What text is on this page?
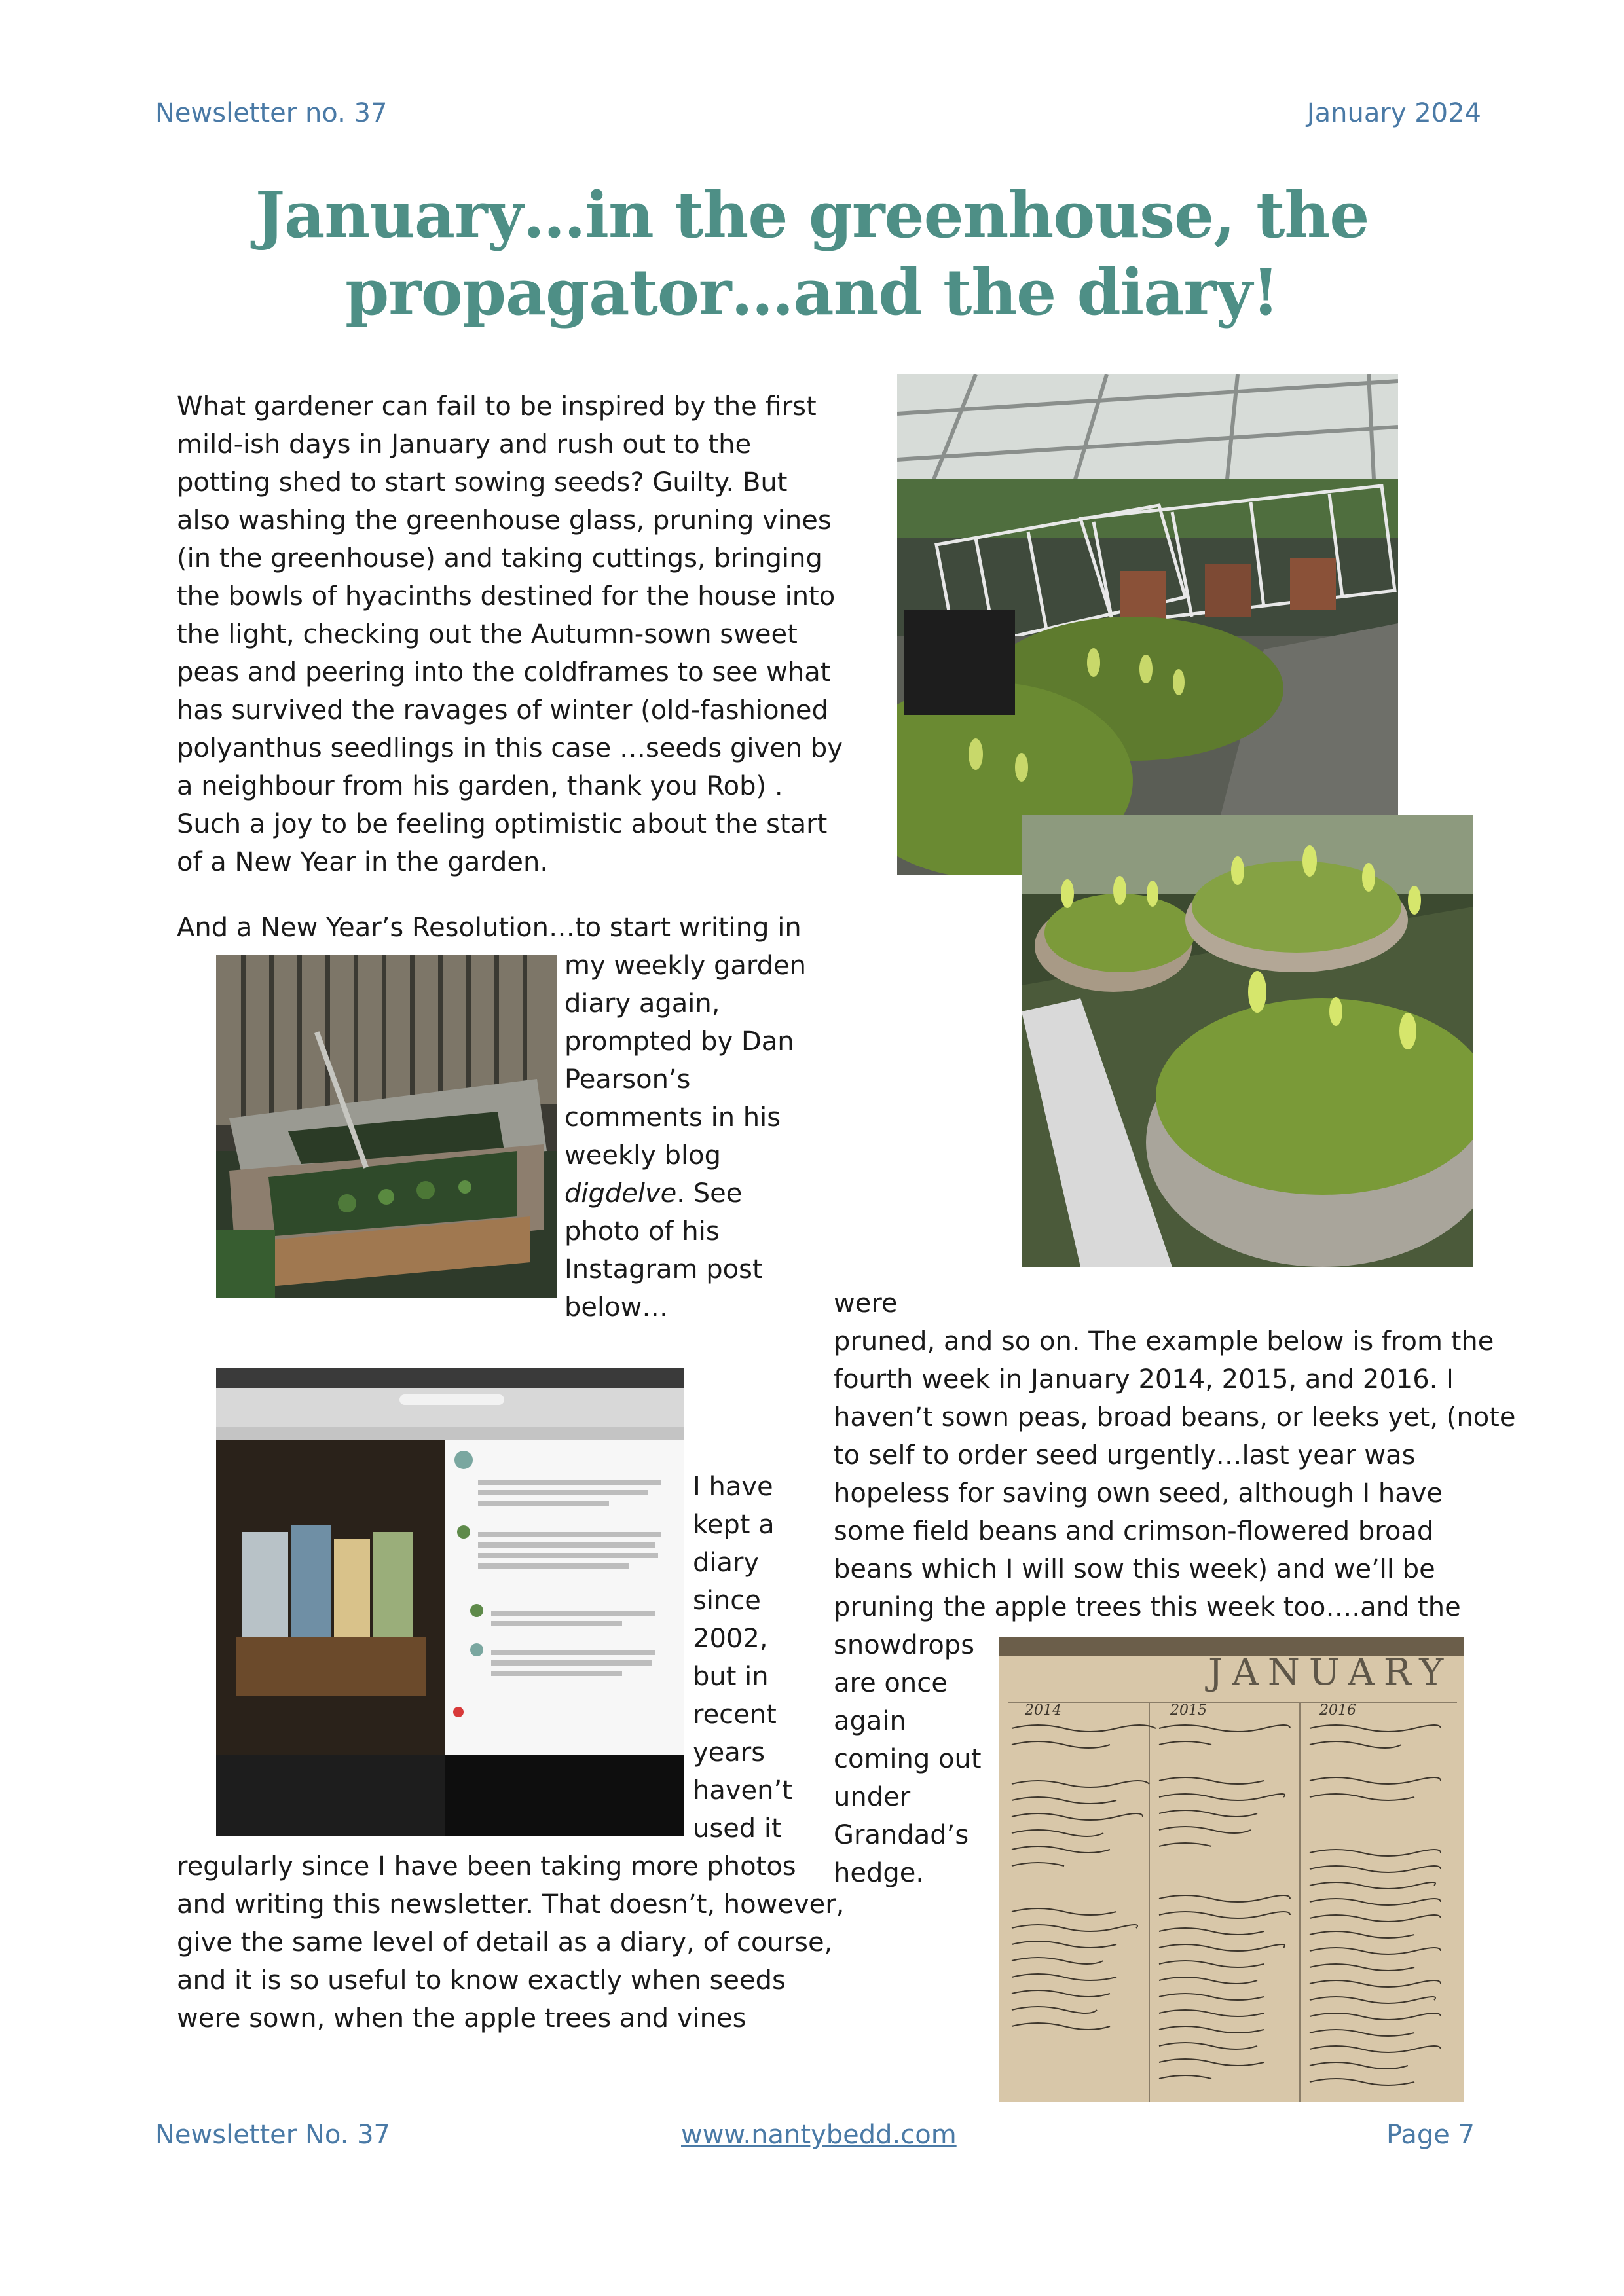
Newsletter no. 37	January 2024
January…in the greenhouse, the
propagator…and the diary!
What gardener can fail to be inspired by the first
mild-ish days in January and rush out to the
potting shed to start sowing seeds? Guilty. But
also washing the greenhouse glass, pruning vines
(in the greenhouse) and taking cuttings, bringing
the bowls of hyacinths destined for the house into
the light, checking out the Autumn-sown sweet
peas and peering into the coldframes to see what
has survived the ravages of winter (old-fashioned
polyanthus seedlings in this case …seeds given by
a neighbour from his garden, thank you Rob) .
Such a joy to be feeling optimistic about the start
of a New Year in the garden.
And a New Year’s Resolution…to start writing in
my weekly garden
diary again,
prompted by Dan
Pearson’s
comments in his
weekly blog
digdelve. See
photo of his
Instagram post
below…
I have
kept a
diary
since
2002,
but in
recent
years
haven’t
used it
regularly since I have been taking more photos
and writing this newsletter. That doesn’t, however,
give the same level of detail as a diary, of course,
and it is so useful to know exactly when seeds
were sown, when the apple trees and vines
were
pruned, and so on. The example below is from the
fourth week in January 2014, 2015, and 2016. I
haven’t sown peas, broad beans, or leeks yet, (note
to self to order seed urgently…last year was
hopeless for saving own seed, although I have
some field beans and crimson-flowered broad
beans which I will sow this week) and we’ll be
pruning the apple trees this week too….and the
snowdrops
are once
again
coming out
under
Grandad’s
hedge.
JANUARY
2014	2015	2016
Newsletter No. 37	www.nantybedd.com	Page 7
